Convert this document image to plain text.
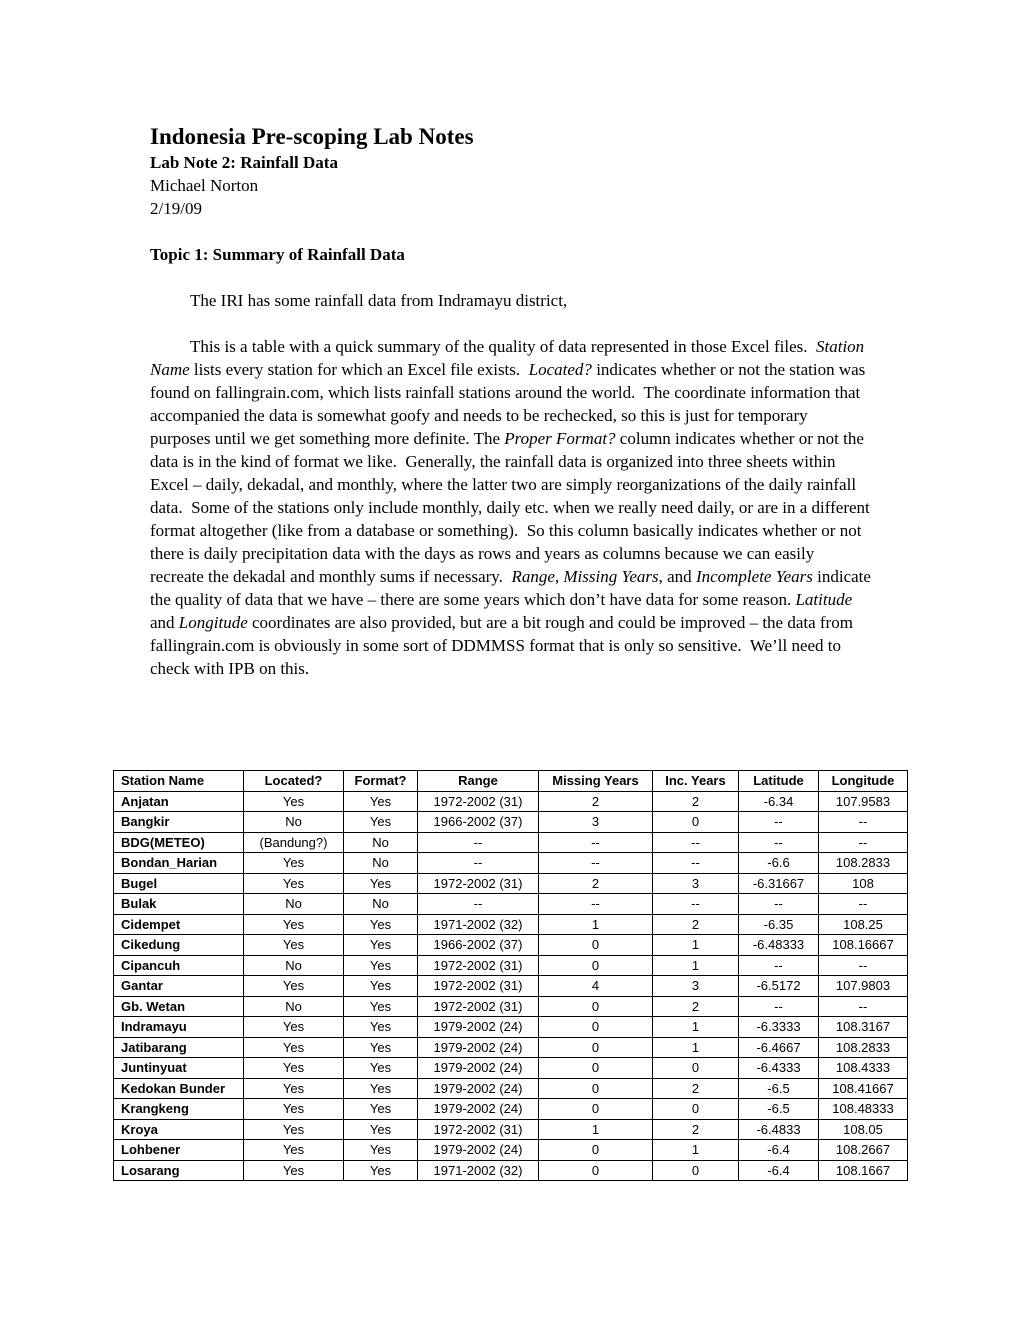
Indonesia Pre-scoping Lab Notes
Lab Note 2: Rainfall Data
Michael Norton
2/19/09
Topic 1: Summary of Rainfall Data

The IRI has some rainfall data from Indramayu district,

This is a table with a quick summary of the quality of data represented in those Excel files.  Station Name lists every station for which an Excel file exists.  Located? indicates whether or not the station was found on fallingrain.com, which lists rainfall stations around the world.  The coordinate information that accompanied the data is somewhat goofy and needs to be rechecked, so this is just for temporary purposes until we get something more definite. The Proper Format? column indicates whether or not the data is in the kind of format we like.  Generally, the rainfall data is organized into three sheets within Excel – daily, dekadal, and monthly, where the latter two are simply reorganizations of the daily rainfall data.  Some of the stations only include monthly, daily etc. when we really need daily, or are in a different format altogether (like from a database or something).  So this column basically indicates whether or not there is daily precipitation data with the days as rows and years as columns because we can easily recreate the dekadal and monthly sums if necessary.  Range, Missing Years, and Incomplete Years indicate the quality of data that we have – there are some years which don’t have data for some reason. Latitude and Longitude coordinates are also provided, but are a bit rough and could be improved – the data from fallingrain.com is obviously in some sort of DDMMSS format that is only so sensitive.  We’ll need to check with IPB on this.

Station Name	Located?	Format?	Range	Missing Years	Inc. Years	Latitude	Longitude
Anjatan	Yes	Yes	1972-2002 (31)	2	2	-6.34	107.9583
Bangkir	No	Yes	1966-2002 (37)	3	0	--	--
BDG(METEO)	(Bandung?)	No	--	--	--	--	--
Bondan_Harian	Yes	No	--	--	--	-6.6	108.2833
Bugel	Yes	Yes	1972-2002 (31)	2	3	-6.31667	108
Bulak	No	No	--	--	--	--	--
Cidempet	Yes	Yes	1971-2002 (32)	1	2	-6.35	108.25
Cikedung	Yes	Yes	1966-2002 (37)	0	1	-6.48333	108.16667
Cipancuh	No	Yes	1972-2002 (31)	0	1	--	--
Gantar	Yes	Yes	1972-2002 (31)	4	3	-6.5172	107.9803
Gb. Wetan	No	Yes	1972-2002 (31)	0	2	--	--
Indramayu	Yes	Yes	1979-2002 (24)	0	1	-6.3333	108.3167
Jatibarang	Yes	Yes	1979-2002 (24)	0	1	-6.4667	108.2833
Juntinyuat	Yes	Yes	1979-2002 (24)	0	0	-6.4333	108.4333
Kedokan Bunder	Yes	Yes	1979-2002 (24)	0	2	-6.5	108.41667
Krangkeng	Yes	Yes	1979-2002 (24)	0	0	-6.5	108.48333
Kroya	Yes	Yes	1972-2002 (31)	1	2	-6.4833	108.05
Lohbener	Yes	Yes	1979-2002 (24)	0	1	-6.4	108.2667
Losarang	Yes	Yes	1971-2002 (32)	0	0	-6.4	108.1667
